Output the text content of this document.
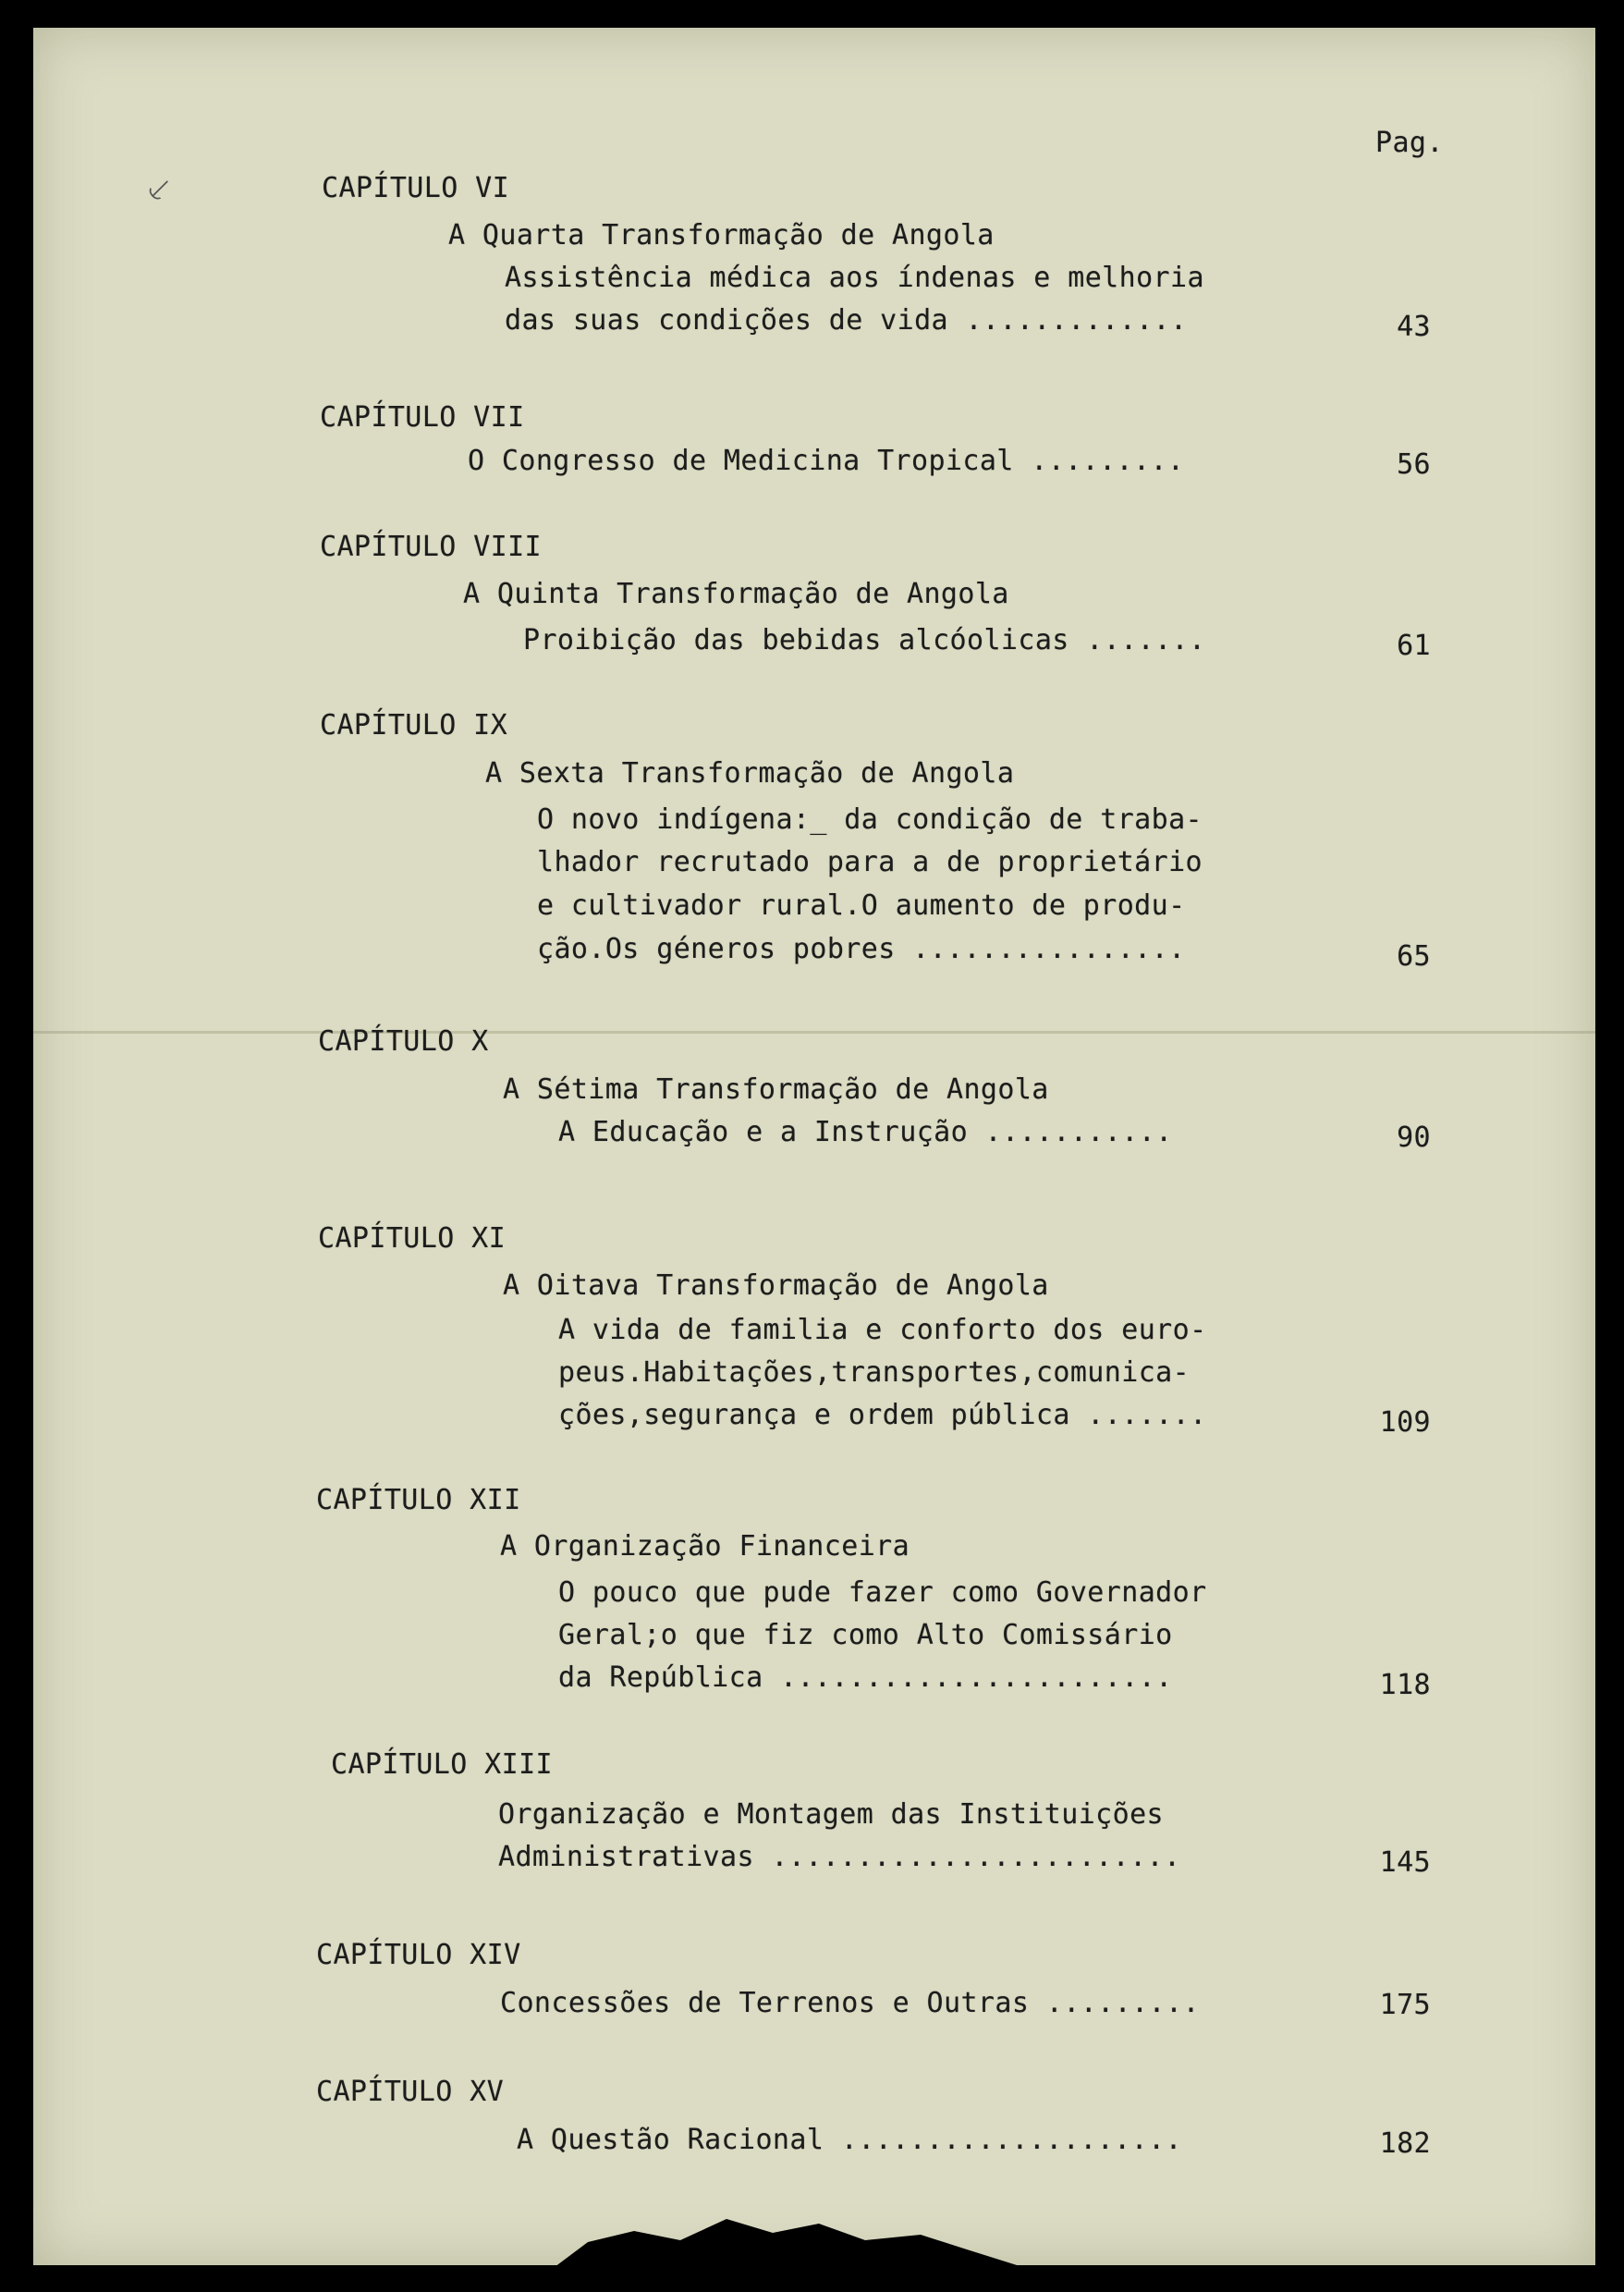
⸔
Pag.
CAPÍTULO VI
A Quarta Transformação de Angola
Assistência médica aos índenas e melhoria
das suas condições de vida .............	43
CAPÍTULO VII
O Congresso de Medicina Tropical .........	56
CAPÍTULO VIII
A Quinta Transformação de Angola
Proibição das bebidas alcóolicas .......	61
CAPÍTULO IX
A Sexta Transformação de Angola
O novo indígena:_ da condição de traba-
lhador recrutado para a de proprietário
e cultivador rural.O aumento de produ-
ção.Os géneros pobres ................	65
CAPÍTULO X
A Sétima Transformação de Angola
A Educação e a Instrução ...........	90
CAPÍTULO XI
A Oitava Transformação de Angola
A vida de familia e conforto dos euro-
peus.Habitações,transportes,comunica-
ções,segurança e ordem pública .......	109
CAPÍTULO XII
A Organização Financeira
O pouco que pude fazer como Governador
Geral;o que fiz como Alto Comissário
da República .......................	118
CAPÍTULO XIII
Organização e Montagem das Instituições
Administrativas ........................	145
CAPÍTULO XIV
Concessões de Terrenos e Outras .........	175
CAPÍTULO XV
A Questão Racional ....................	182
